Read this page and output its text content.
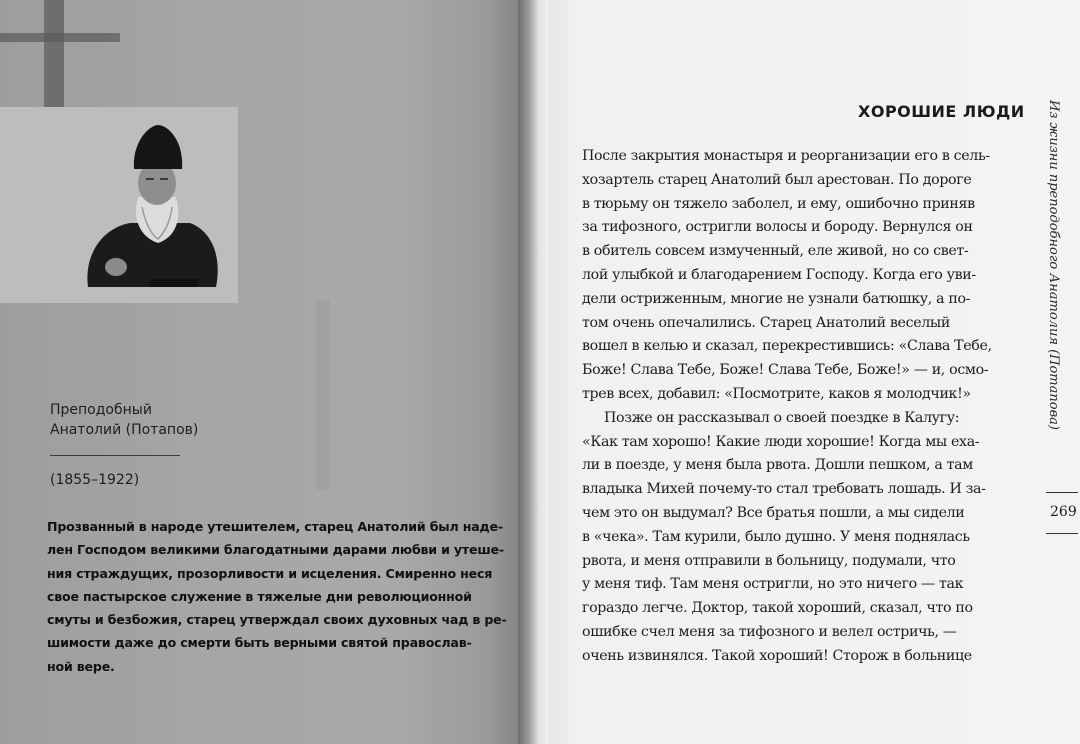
Преподобный
Анатолий (Потапов)
(1855–1922)
Прозванный в народе утешителем, старец Анатолий был наде-
лен Господом великими благодатными дарами любви и утеше-
ния страждущих, прозорливости и исцеления. Смиренно неся
свое пастырское служение в тяжелые дни революционной
смуты и безбожия, старец утверждал своих духовных чад в ре-
шимости даже до смерти быть верными святой православ-
ной вере.
ХОРОШИЕ ЛЮДИ
После закрытия монастыря и реорганизации его в сель-
хозартель старец Анатолий был арестован. По дороге
в тюрьму он тяжело заболел, и ему, ошибочно приняв
за тифозного, остригли волосы и бороду. Вернулся он
в обитель совсем измученный, еле живой, но со свет-
лой улыбкой и благодарением Господу. Когда его уви-
дели остриженным, многие не узнали батюшку, а по-
том очень опечалились. Старец Анатолий веселый
вошел в келью и сказал, перекрестившись: «Слава Тебе,
Боже! Слава Тебе, Боже! Слава Тебе, Боже!» — и, осмо-
трев всех, добавил: «Посмотрите, каков я молодчик!»
Позже он рассказывал о своей поездке в Калугу:
«Как там хорошо! Какие люди хорошие! Когда мы еха-
ли в поезде, у меня была рвота. Дошли пешком, а там
владыка Михей почему-то стал требовать лошадь. И за-
чем это он выдумал? Все братья пошли, а мы сидели
в «чека». Там курили, было душно. У меня поднялась
рвота, и меня отправили в больницу, подумали, что
у меня тиф. Там меня остригли, но это ничего — так
гораздо легче. Доктор, такой хороший, сказал, что по
ошибке счел меня за тифозного и велел остричь, —
очень извинялся. Такой хороший! Сторож в больнице
Из жизни преподобного Анатолия (Потапова)
269
